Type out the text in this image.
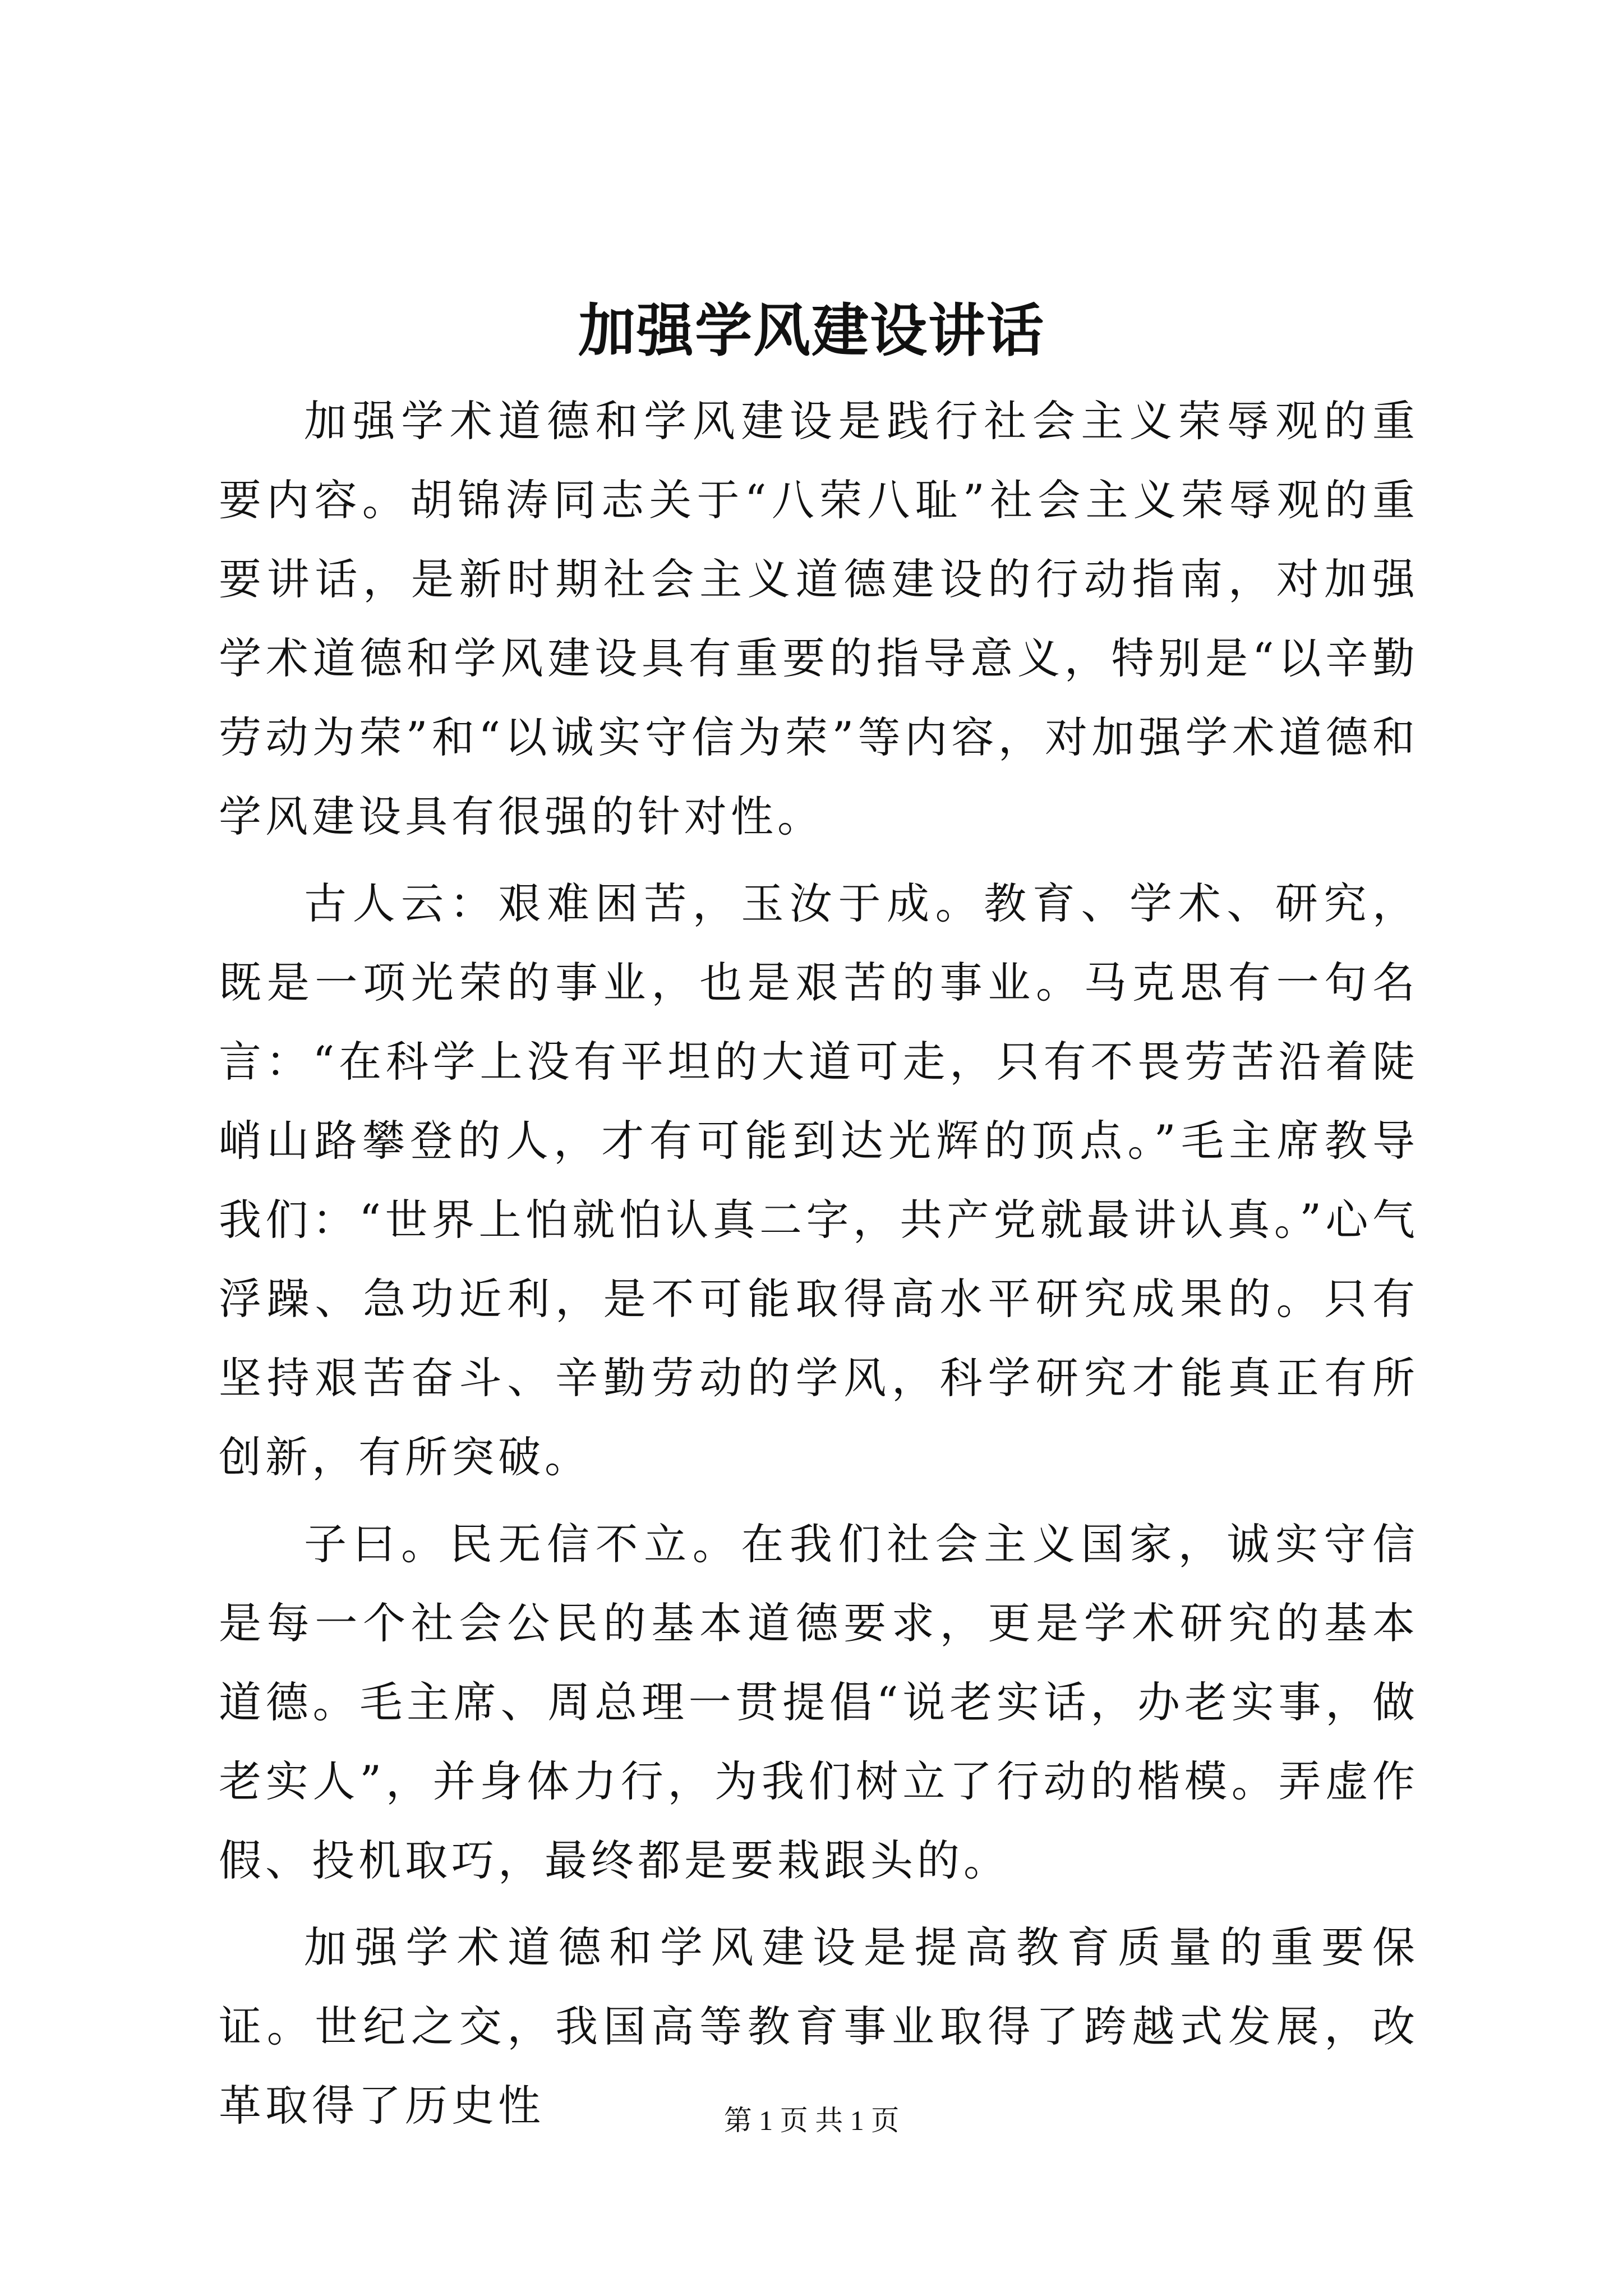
加强学风建设讲话

加强学术道德和学风建设是践行社会主义荣辱观的重要内容。胡锦涛同志关于“八荣八耻”社会主义荣辱观的重要讲话，是新时期社会主义道德建设的行动指南，对加强学术道德和学风建设具有重要的指导意义，特别是“以辛勤劳动为荣”和“以诚实守信为荣”等内容，对加强学术道德和学风建设具有很强的针对性。

古人云：艰难困苦，玉汝于成。教育、学术、研究，既是一项光荣的事业，也是艰苦的事业。马克思有一句名言：“在科学上没有平坦的大道可走，只有不畏劳苦沿着陡峭山路攀登的人，才有可能到达光辉的顶点。”毛主席教导我们：“世界上怕就怕认真二字，共产党就最讲认真。”心气浮躁、急功近利，是不可能取得高水平研究成果的。只有坚持艰苦奋斗、辛勤劳动的学风，科学研究才能真正有所创新，有所突破。

子曰。民无信不立。在我们社会主义国家，诚实守信是每一个社会公民的基本道德要求，更是学术研究的基本道德。毛主席、周总理一贯提倡“说老实话，办老实事，做老实人”，并身体力行，为我们树立了行动的楷模。弄虚作假、投机取巧，最终都是要栽跟头的。

加强学术道德和学风建设是提高教育质量的重要保证。世纪之交，我国高等教育事业取得了跨越式发展，改革取得了历史性	第 1 页 共 1 页
